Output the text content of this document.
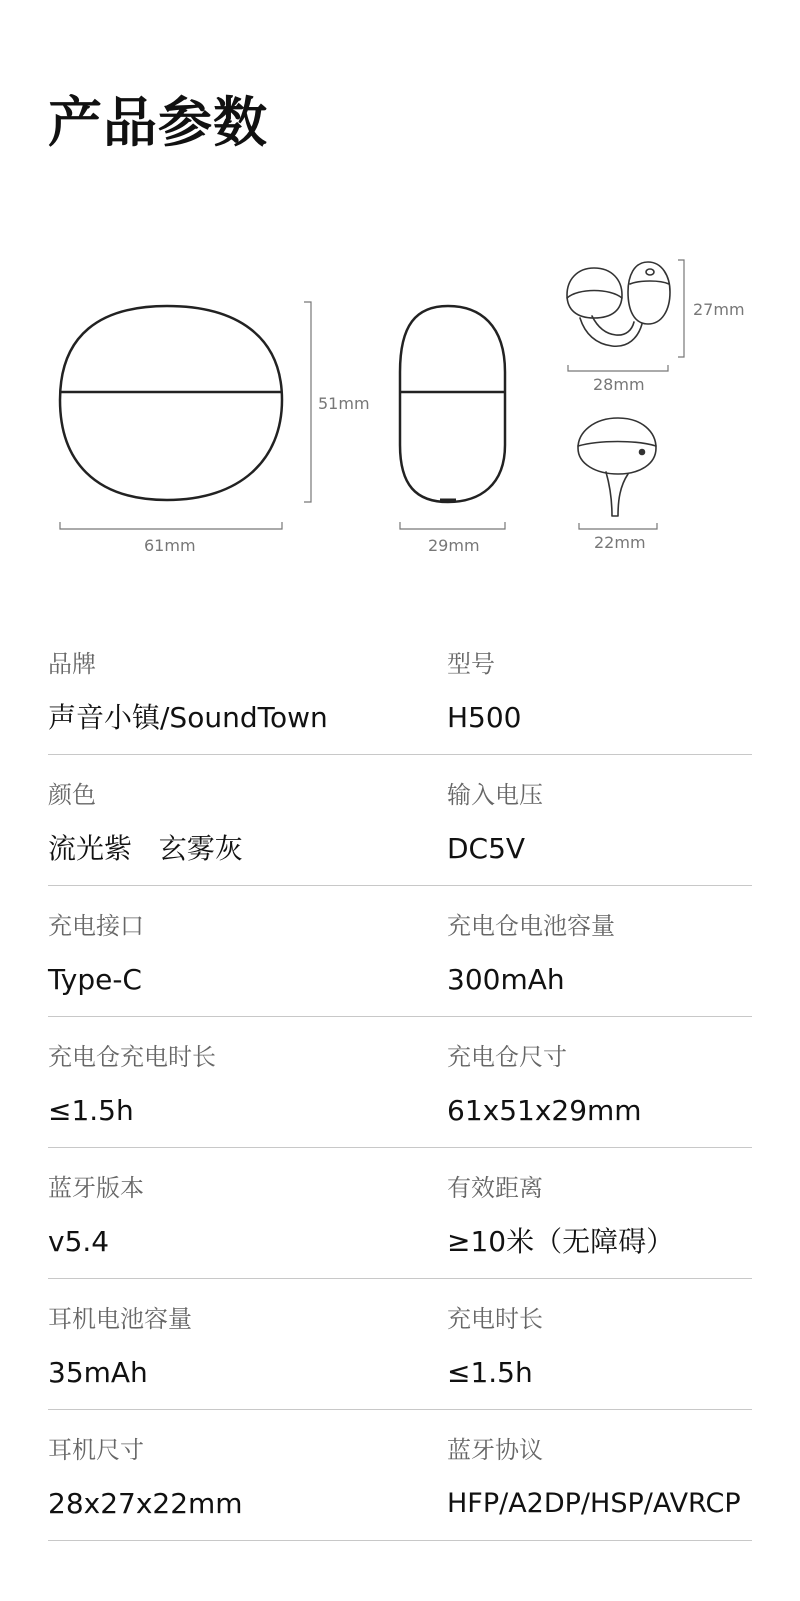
产品参数
51mm
61mm	29mm
27mm
28mm
22mm
品牌
声音小镇/SoundTown
型号
H500
颜色
流光紫   玄雾灰
输入电压
DC5V
充电接口
Type-C
充电仓电池容量
300mAh
充电仓充电时长
≤1.5h
充电仓尺寸
61x51x29mm
蓝牙版本
v5.4
有效距离
≥10米（无障碍）
耳机电池容量
35mAh
充电时长
≤1.5h
耳机尺寸
28x27x22mm
蓝牙协议
HFP/A2DP/HSP/AVRCP
